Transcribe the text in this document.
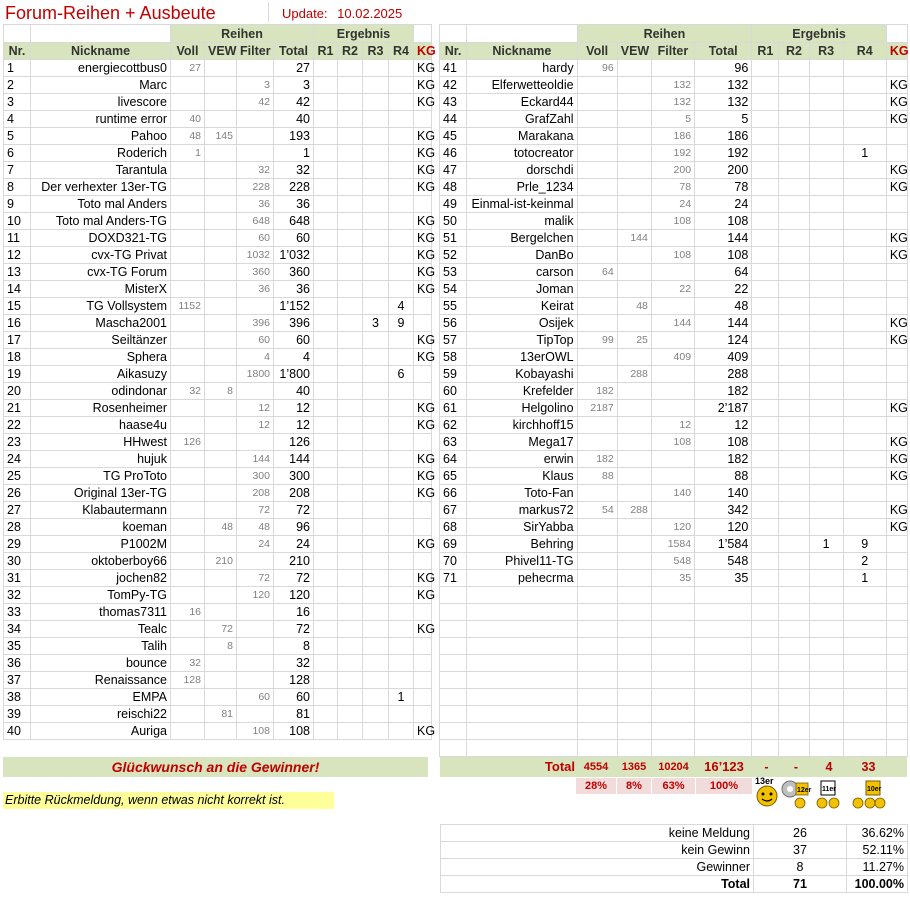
Forum-Reihen + Ausbeute	Update: 10.02.2025
		Reihen				Ergebnis				
Nr.	Nickname	Voll	VEW	Filter	Total	R1	R2	R3	R4	KG
1	energiecottbus0	27			27					KG
2	Marc			3	3					KG
3	livescore			42	42					KG
4	runtime error	40			40					
5	Pahoo	48	145		193					KG
6	Roderich	1			1					KG
7	Tarantula			32	32					KG
8	Der verhexter 13er-TG			228	228					KG
9	Toto mal Anders			36	36					
10	Toto mal Anders-TG			648	648					KG
11	DOXD321-TG			60	60					KG
12	cvx-TG Privat			1032	1’032					KG
13	cvx-TG Forum			360	360					KG
14	MisterX			36	36					KG
15	TG Vollsystem	1152			1’152				4	
16	Mascha2001			396	396			3	9	
17	Seiltänzer			60	60					KG
18	Sphera			4	4					KG
19	Aikasuzy			1800	1’800				6	
20	odindonar	32	8		40					
21	Rosenheimer			12	12					KG
22	haase4u			12	12					KG
23	HHwest	126			126					
24	hujuk			144	144					KG
25	TG ProToto			300	300					KG
26	Original 13er-TG			208	208					KG
27	Klabautermann			72	72					
28	koeman		48	48	96					
29	P1002M			24	24					KG
30	oktoberboy66		210		210					
31	jochen82			72	72					KG
32	TomPy-TG			120	120					KG
33	thomas7311	16			16					
34	Tealc		72		72					KG
35	Talih		8		8					
36	bounce	32			32					
37	Renaissance	128			128					
38	EMPA			60	60				1	
39	reischi22		81		81					
40	Auriga			108	108					KG
		Reihen				Ergebnis				
Nr.	Nickname	Voll	VEW	Filter	Total	R1	R2	R3	R4	KG
41	hardy	96			96					
42	Elferwetteoldie			132	132					KG
43	Eckard44			132	132					KG
44	GrafZahl			5	5					KG
45	Marakana			186	186					
46	totocreator			192	192				1	
47	dorschdi			200	200					KG
48	Prle_1234			78	78					KG
49	Einmal-ist-keinmal			24	24					
50	malik			108	108					
51	Bergelchen		144		144					KG
52	DanBo			108	108					KG
53	carson	64			64					
54	Joman			22	22					
55	Keirat		48		48					
56	Osijek			144	144					KG
57	TipTop	99	25		124					KG
58	13erOWL			409	409					
59	Kobayashi		288		288					
60	Krefelder	182			182					
61	Helgolino	2187			2’187					KG
62	kirchhoff15			12	12					
63	Mega17			108	108					KG
64	erwin	182			182					KG
65	Klaus	88			88					KG
66	Toto-Fan			140	140					
67	markus72	54	288		342					KG
68	SirYabba			120	120					KG
69	Behring			1584	1’584			1	9	
70	Phivel11-TG			548	548				2	
71	pehecrma			35	35				1	

Glückwunsch an die Gewinner!
Erbitte Rückmeldung, wenn etwas nicht korrekt ist.
Total 4554	1365	10204	16’123	-	-	4	33
28%	8%	63%	100%	13er
12er 11er	10er
keine Meldung	26	36.62%
kein Gewinn	37	52.11%
Gewinner	8	11.27%
Total	71	100.00%
